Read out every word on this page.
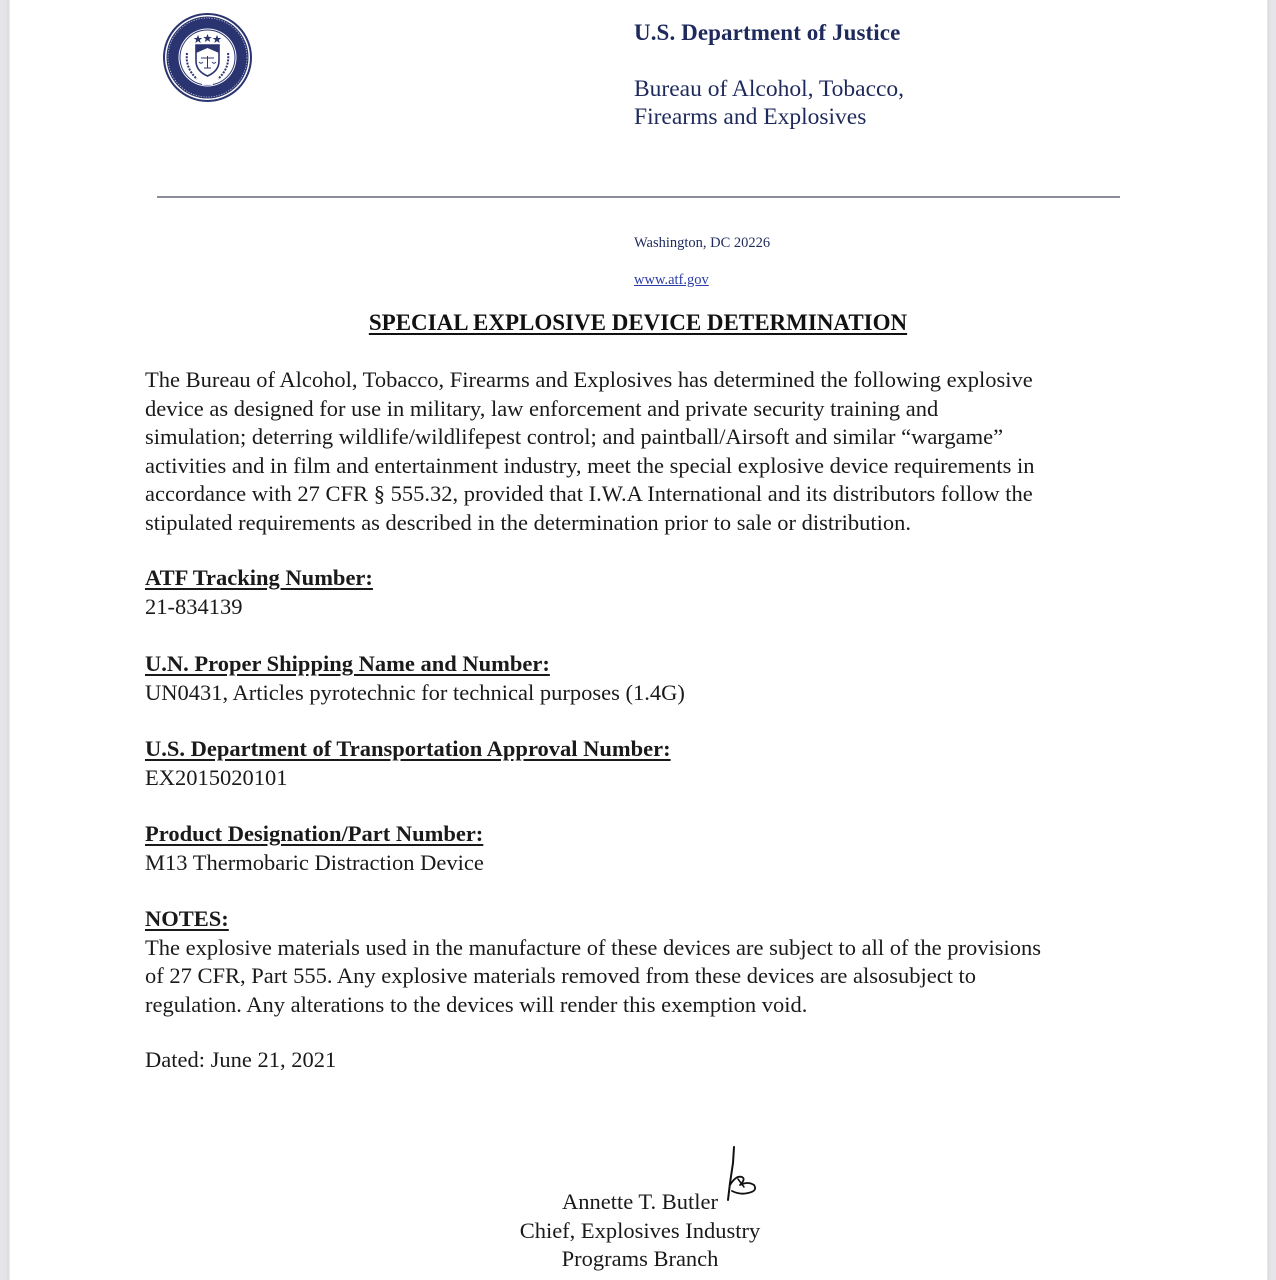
U.S. Department of Justice
Bureau of Alcohol, Tobacco,
Firearms and Explosives
Washington, DC 20226
www.atf.gov
SPECIAL EXPLOSIVE DEVICE DETERMINATION

The Bureau of Alcohol, Tobacco, Firearms and Explosives has determined the following explosive

device as designed for use in military, law enforcement and private security training and

simulation; deterring wildlife/wildlifepest control; and paintball/Airsoft and similar “wargame”

activities and in film and entertainment industry, meet the special explosive device requirements in

accordance with 27 CFR § 555.32, provided that I.W.A International and its distributors follow the

stipulated requirements as described in the determination prior to sale or distribution.

ATF Tracking Number:
21-834139
U.N. Proper Shipping Name and Number:
UN0431, Articles pyrotechnic for technical purposes (1.4G)
U.S. Department of Transportation Approval Number:
EX2015020101
Product Designation/Part Number:
M13 Thermobaric Distraction Device
NOTES:
The explosive materials used in the manufacture of these devices are subject to all of the provisions
of 27 CFR, Part 555. Any explosive materials removed from these devices are alsosubject to
regulation. Any alterations to the devices will render this exemption void.
Dated: June 21, 2021
Annette T. Butler
Chief, Explosives Industry
Programs Branch
